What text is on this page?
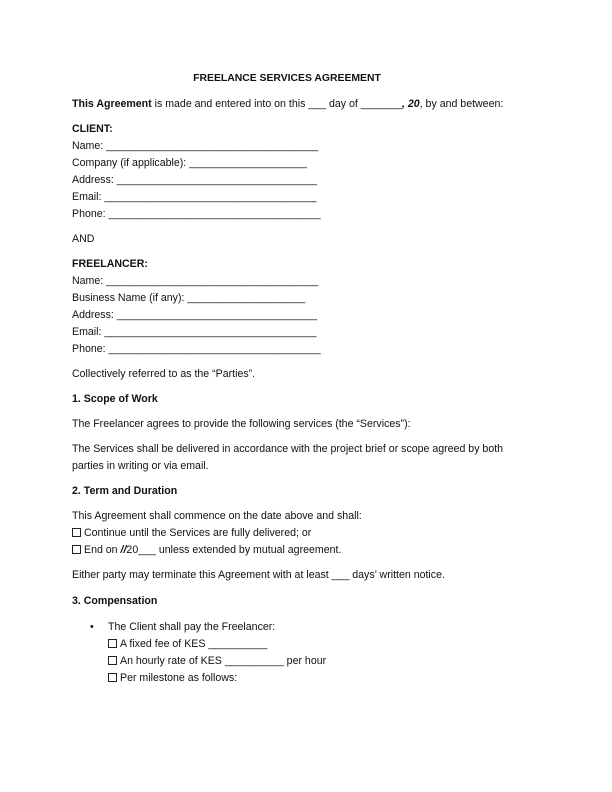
FREELANCE SERVICES AGREEMENT
This Agreement is made and entered into on this ___ day of _______, 20, by and between:
CLIENT:
Name: ____________________________________
Company (if applicable): ____________________
Address: __________________________________
Email: ____________________________________
Phone: ____________________________________
AND
FREELANCER:
Name: ____________________________________
Business Name (if any): ____________________
Address: __________________________________
Email: ____________________________________
Phone: ____________________________________
Collectively referred to as the “Parties”.
1. Scope of Work
The Freelancer agrees to provide the following services (the “Services”):
The Services shall be delivered in accordance with the project brief or scope agreed by both
parties in writing or via email.
2. Term and Duration
This Agreement shall commence on the date above and shall:
Continue until the Services are fully delivered; or
End on //20___ unless extended by mutual agreement.
Either party may terminate this Agreement with at least ___ days’ written notice.
3. Compensation
• The Client shall pay the Freelancer:
A fixed fee of KES __________
An hourly rate of KES __________ per hour
Per milestone as follows:
